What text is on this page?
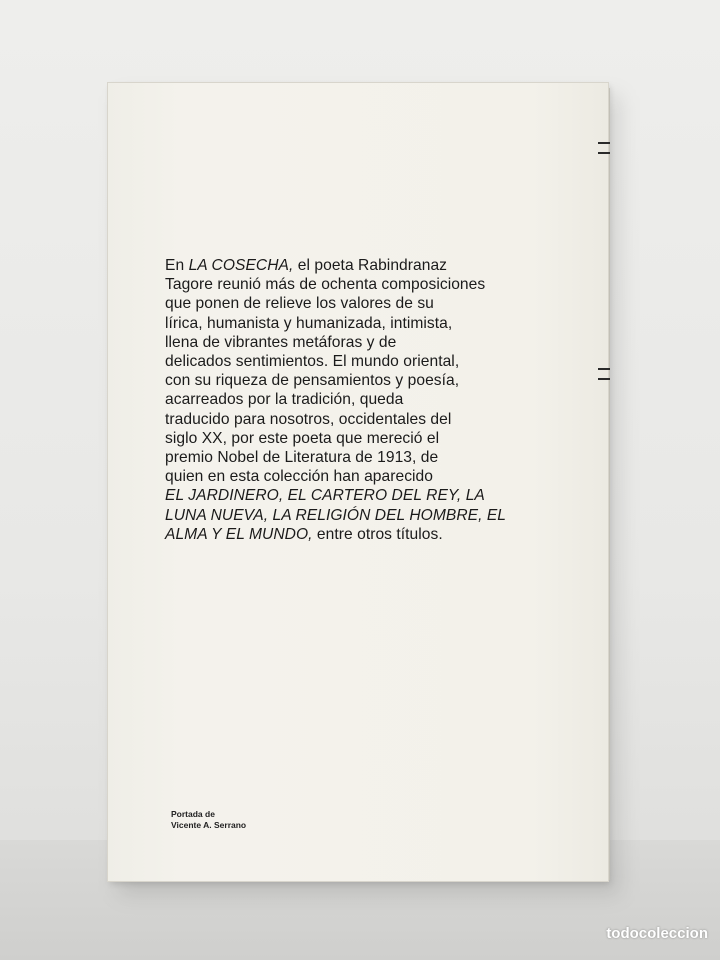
En LA COSECHA, el poeta Rabindranaz
Tagore reunió más de ochenta composiciones
que ponen de relieve los valores de su
lírica, humanista y humanizada, intimista,
llena de vibrantes metáforas y de
delicados sentimientos. El mundo oriental,
con su riqueza de pensamientos y poesía,
acarreados por la tradición, queda
traducido para nosotros, occidentales del
siglo XX, por este poeta que mereció el
premio Nobel de Literatura de 1913, de
quien en esta colección han aparecido
EL JARDINERO, EL CARTERO DEL REY, LA
LUNA NUEVA, LA RELIGIÓN DEL HOMBRE, EL
ALMA Y EL MUNDO, entre otros títulos.
Portada de
Vicente A. Serrano
todocoleccion
